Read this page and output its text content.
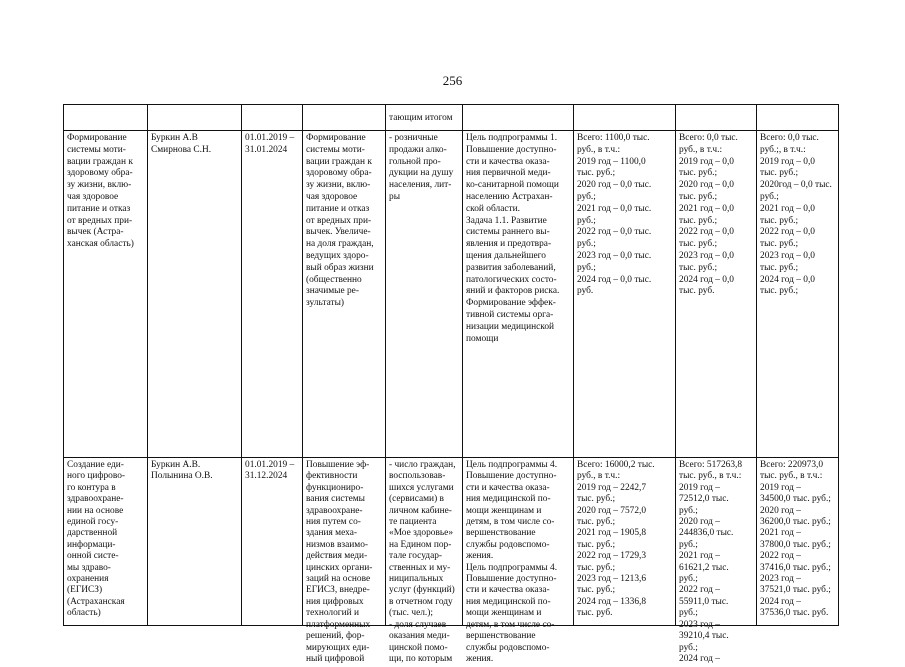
256
тающим итогом
Формирование
системы моти-
вации граждан к
здоровому обра-
зу жизни, вклю-
чая здоровое
питание и отказ
от вредных при-
вычек (Астра-
ханская область)
Буркин А.В
Смирнова С.Н.
01.01.2019 –
31.01.2024
Формирование
системы моти-
вации граждан к
здоровому обра-
зу жизни, вклю-
чая здоровое
питание и отказ
от вредных при-
вычек. Увеличе-
на доля граждан,
ведущих здоро-
вый образ жизни
(общественно
значимые ре-
зультаты)
- розничные
продажи алко-
гольной про-
дукции на душу
населения, лит-
ры
Цель подпрограммы 1.
Повышение доступно-
сти и качества оказа-
ния первичной меди-
ко-санитарной помощи
населению Астрахан-
ской области.
Задача 1.1. Развитие
системы раннего вы-
явления и предотвра-
щения дальнейшего
развития заболеваний,
патологических состо-
яний и факторов риска.
Формирование эффек-
тивной системы орга-
низации медицинской
помощи
Всего: 1100,0 тыс.
руб., в т.ч.:
2019 год – 1100,0
тыс. руб.;
2020 год – 0,0 тыс.
руб.;
2021 год – 0,0 тыс.
руб.;
2022 год – 0,0 тыс.
руб.;
2023 год – 0,0 тыс.
руб.;
2024 год – 0,0 тыс.
руб.
Всего: 0,0 тыс.
руб., в т.ч.:
2019 год – 0,0
тыс. руб.;
2020 год – 0,0
тыс. руб.;
2021 год – 0,0
тыс. руб.;
2022 год – 0,0
тыс. руб.;
2023 год – 0,0
тыс. руб.;
2024 год – 0,0
тыс. руб.
Всего: 0,0 тыс.
руб.;, в т.ч.:
2019 год – 0,0
тыс. руб.;
2020год – 0,0 тыс.
руб.;
2021 год – 0,0
тыс. руб.;
2022 год – 0,0
тыс. руб.;
2023 год – 0,0
тыс. руб.;
2024 год – 0,0
тыс. руб.;
Создание еди-
ного цифрово-
го контура в
здравоохране-
нии на основе
единой госу-
дарственной
информаци-
онной систе-
мы здраво-
охранения
(ЕГИСЗ)
(Астраханская
область)
Буркин А.В.
Полынина О.В.
01.01.2019 –
31.12.2024
Повышение эф-
фективности
функциониро-
вания системы
здравоохране-
ния путем со-
здания меха-
низмов взаимо-
действия меди-
цинских органи-
заций на основе
ЕГИСЗ, внедре-
ния цифровых
технологий и
платформенных
решений, фор-
мирующих еди-
ный цифровой
- число граждан,
воспользовав-
шихся услугами
(сервисами) в
личном кабине-
те пациента
«Мое здоровье»
на Едином пор-
тале государ-
ственных и му-
ниципальных
услуг (функций)
в отчетном году
(тыс. чел.);
- доля случаев
оказания меди-
цинской помо-
щи, по которым
Цель подпрограммы 4.
Повышение доступно-
сти и качества оказа-
ния медицинской по-
мощи женщинам и
детям, в том числе со-
вершенствование
службы родовспомо-
жения.
Цель подпрограммы 4.
Повышение доступно-
сти и качества оказа-
ния медицинской по-
мощи женщинам и
детям, в том числе со-
вершенствование
службы родовспомо-
жения.
Всего: 16000,2 тыс.
руб., в т.ч.:
2019 год – 2242,7
тыс. руб.;
2020 год – 7572,0
тыс. руб.;
2021 год – 1905,8
тыс. руб.;
2022 год – 1729,3
тыс. руб.;
2023 год – 1213,6
тыс. руб.;
2024 год – 1336,8
тыс. руб.
Всего: 517263,8
тыс. руб., в т.ч.:
2019 год –
72512,0 тыс.
руб.;
2020 год –
244836,0 тыс.
руб.;
2021 год –
61621,2 тыс.
руб.;
2022 год –
55911,0 тыс.
руб.;
2023 год –
39210,4 тыс.
руб.;
2024 год –
Всего: 220973,0
тыс. руб., в т.ч.:
2019 год –
34500,0 тыс. руб.;
2020 год –
36200,0 тыс. руб.;
2021 год –
37800,0 тыс. руб.;
2022 год –
37416,0 тыс. руб.;
2023 год –
37521,0 тыс. руб.;
2024 год –
37536,0 тыс. руб.
